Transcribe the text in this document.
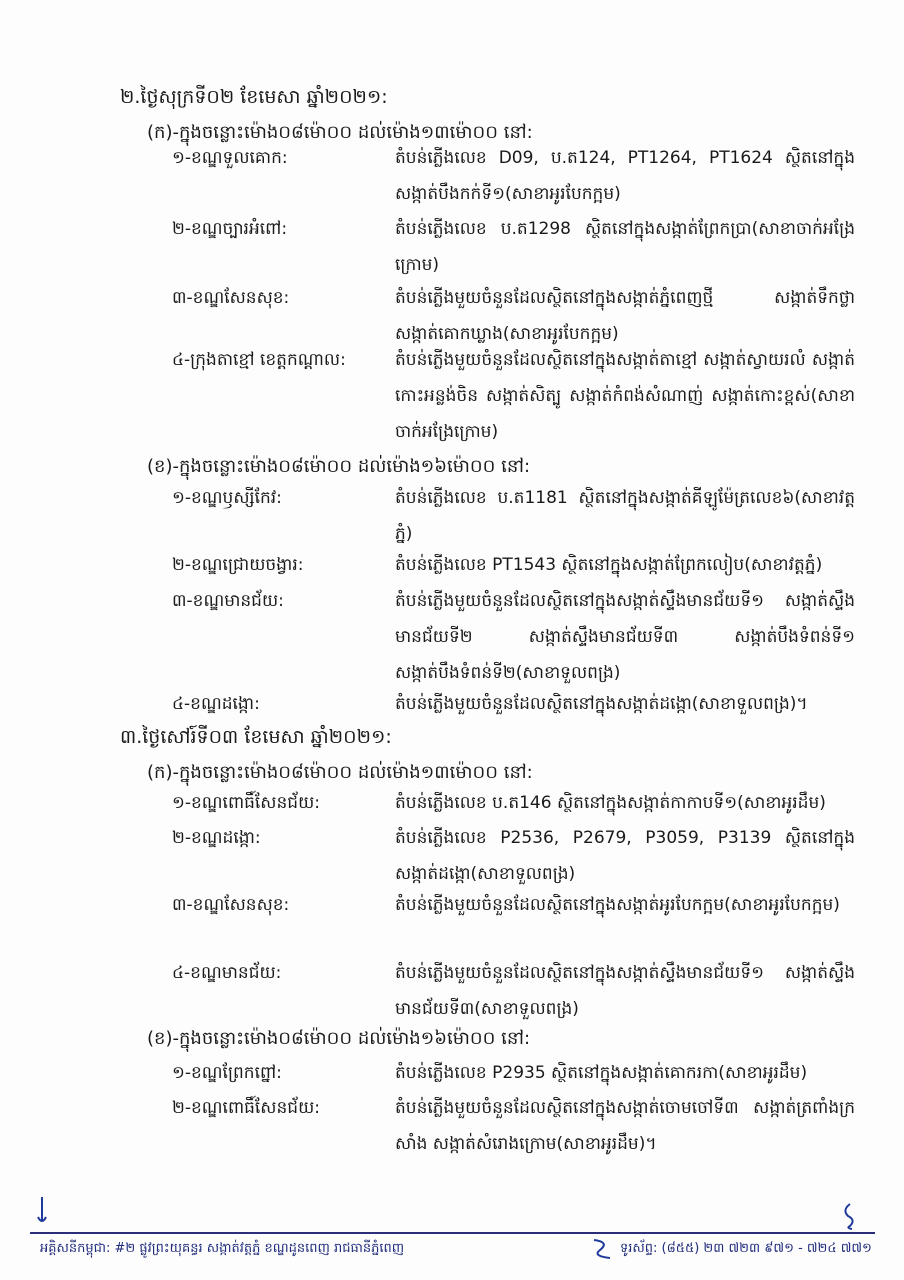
២.ថ្ងៃសុក្រទី០២ ខែមេសា ឆ្នាំ២០២១:
(ក)-ក្នុងចន្លោះម៉ោង០៨ម៉ោ០០ ដល់ម៉ោង១៣ម៉ោ០០ នៅ:
១-ខណ្ឌទួលគោក:	តំបន់ភ្លើងលេខ D09, ប.ត124, PT1264, PT1624 ស្ថិតនៅក្នុងសង្កាត់បឹងកក់ទី១(សាខាអូរបែកក្អម)
២-ខណ្ឌច្បារអំពៅ:	តំបន់ភ្លើងលេខ ប.ត1298 ស្ថិតនៅក្នុងសង្កាត់ព្រែកប្រា(សាខាចាក់អង្រែក្រោម)
៣-ខណ្ឌសែនសុខ:	តំបន់ភ្លើងមួយចំនួនដែលស្ថិតនៅក្នុងសង្កាត់ភ្នំពេញថ្មី សង្កាត់ទឹកថ្លា សង្កាត់គោកឃ្លាង(សាខាអូរបែកក្អម)
៤-ក្រុងតាខ្មៅ ខេត្តកណ្តាល:	តំបន់ភ្លើងមួយចំនួនដែលស្ថិតនៅក្នុងសង្កាត់តាខ្មៅ សង្កាត់ស្វាយរលំ សង្កាត់កោះអន្លង់ចិន សង្កាត់សិត្បូ សង្កាត់កំពង់សំណាញ់ សង្កាត់កោះខ្ពស់(សាខាចាក់អង្រែក្រោម)
(ខ)-ក្នុងចន្លោះម៉ោង០៨ម៉ោ០០ ដល់ម៉ោង១៦ម៉ោ០០ នៅ:
១-ខណ្ឌឫស្សីកែវ:	តំបន់ភ្លើងលេខ ប.ត1181 ស្ថិតនៅក្នុងសង្កាត់គីឡូម៉ែត្រលេខ៦(សាខាវត្តភ្នំ)
២-ខណ្ឌជ្រោយចង្វារ:	តំបន់ភ្លើងលេខ PT1543 ស្ថិតនៅក្នុងសង្កាត់ព្រែកលៀប(សាខាវត្តភ្នំ)
៣-ខណ្ឌមានជ័យ:	តំបន់ភ្លើងមួយចំនួនដែលស្ថិតនៅក្នុងសង្កាត់ស្ទឹងមានជ័យទី១ សង្កាត់ស្ទឹងមានជ័យទី២ សង្កាត់ស្ទឹងមានជ័យទី៣ សង្កាត់បឹងទំពន់ទី១ សង្កាត់បឹងទំពន់ទី២(សាខាទួលពង្រ)
៤-ខណ្ឌដង្កោ:	តំបន់ភ្លើងមួយចំនួនដែលស្ថិតនៅក្នុងសង្កាត់ដង្កោ(សាខាទួលពង្រ)។
៣.ថ្ងៃសៅរ៍ទី០៣ ខែមេសា ឆ្នាំ២០២១:
(ក)-ក្នុងចន្លោះម៉ោង០៨ម៉ោ០០ ដល់ម៉ោង១៣ម៉ោ០០ នៅ:
១-ខណ្ឌពោធិ៍សែនជ័យ:	តំបន់ភ្លើងលេខ ប.ត146 ស្ថិតនៅក្នុងសង្កាត់កាកាបទី១(សាខាអូរដឹម)
២-ខណ្ឌដង្កោ:	តំបន់ភ្លើងលេខ P2536, P2679, P3059, P3139 ស្ថិតនៅក្នុងសង្កាត់ដង្កោ(សាខាទួលពង្រ)
៣-ខណ្ឌសែនសុខ:	តំបន់ភ្លើងមួយចំនួនដែលស្ថិតនៅក្នុងសង្កាត់អូរបែកក្អម(សាខាអូរបែកក្អម)
៤-ខណ្ឌមានជ័យ:	តំបន់ភ្លើងមួយចំនួនដែលស្ថិតនៅក្នុងសង្កាត់ស្ទឹងមានជ័យទី១ សង្កាត់ស្ទឹងមានជ័យទី៣(សាខាទួលពង្រ)
(ខ)-ក្នុងចន្លោះម៉ោង០៨ម៉ោ០០ ដល់ម៉ោង១៦ម៉ោ០០ នៅ:
១-ខណ្ឌព្រែកព្នៅ:	តំបន់ភ្លើងលេខ P2935 ស្ថិតនៅក្នុងសង្កាត់គោករកា(សាខាអូរដឹម)
២-ខណ្ឌពោធិ៍សែនជ័យ:	តំបន់ភ្លើងមួយចំនួនដែលស្ថិតនៅក្នុងសង្កាត់ចោមចៅទី៣ សង្កាត់ត្រពាំងក្រសាំង សង្កាត់សំរោងក្រោម(សាខាអូរដឹម)។
អគ្គិសនីកម្ពុជា: #២ ផ្លូវព្រះយុគន្ធរ សង្កាត់វត្តភ្នំ ខណ្ឌដូនពេញ រាជធានីភ្នំពេញ	ទូរស័ព្ទ: (៨៥៥) ២៣ ៧២៣ ៩៧១ - ៧២៤ ៧៧១
